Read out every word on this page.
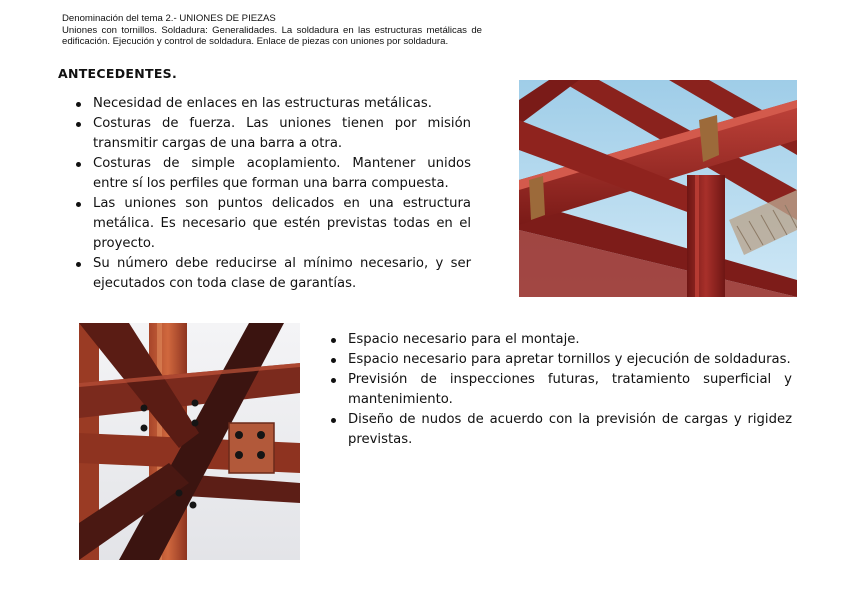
Denominación del tema 2.- UNIONES DE PIEZAS
Uniones con tornillos. Soldadura: Generalidades. La soldadura en las estructuras metálicas de edificación. Ejecución y control de soldadura. Enlace de piezas con uniones por soldadura.
ANTECEDENTES.
Necesidad de enlaces en las estructuras metálicas.
Costuras de fuerza. Las uniones tienen por misión transmitir cargas de una barra a otra.
Costuras de simple acoplamiento. Mantener unidos entre sí los perfiles que forman una barra compuesta.
Las uniones son puntos delicados en una estructura metálica. Es necesario que estén previstas todas en el proyecto.
Su número debe reducirse al mínimo necesario, y ser ejecutados con toda clase de garantías.
Espacio necesario para el montaje.
Espacio necesario para apretar tornillos y ejecución de soldaduras.
Previsión de inspecciones futuras, tratamiento superficial y mantenimiento.
Diseño de nudos de acuerdo con la previsión de cargas y rigidez previstas.
